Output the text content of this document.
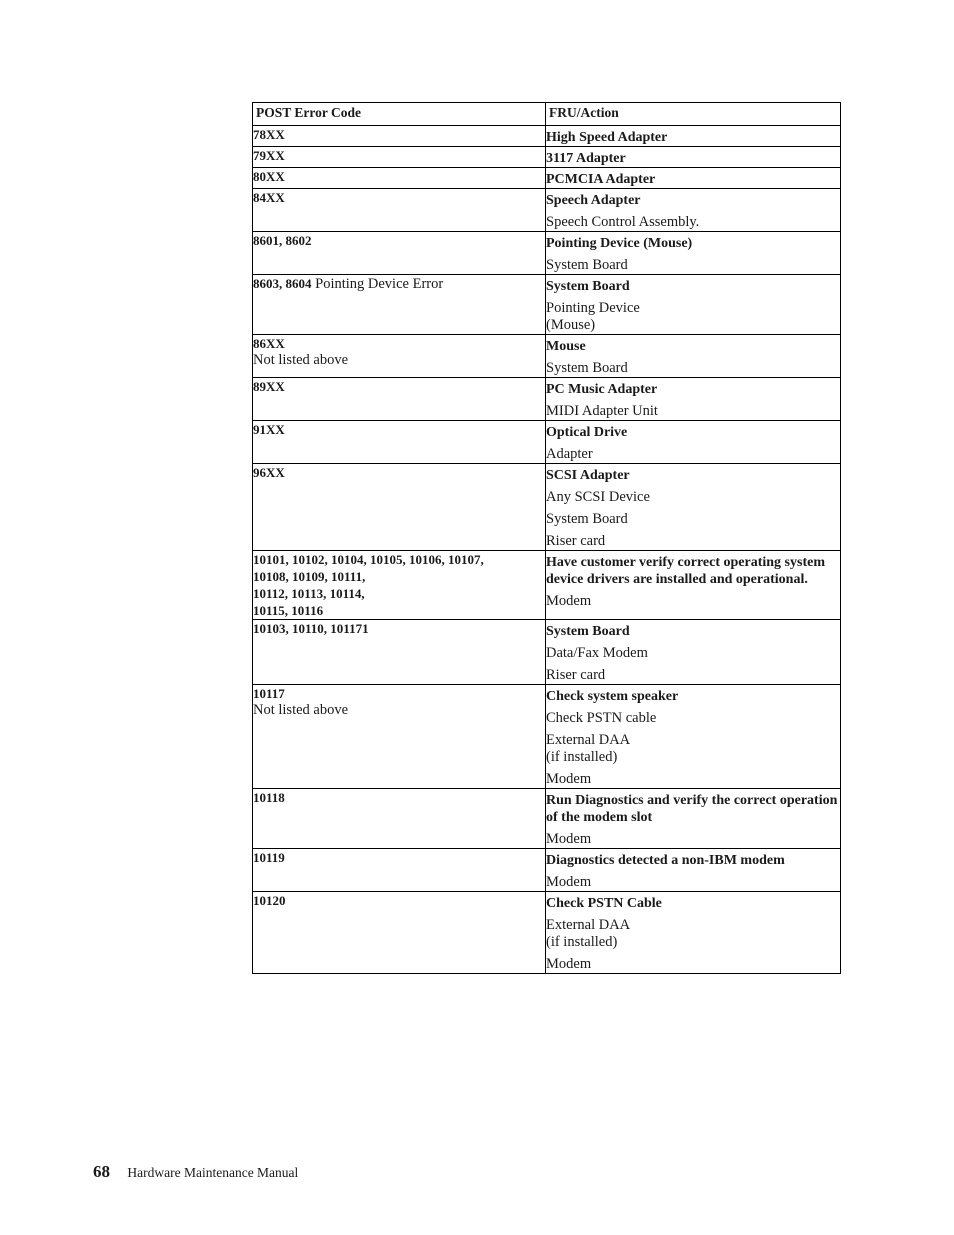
POST Error Code	FRU/Action
78XX	High Speed Adapter

79XX	3117 Adapter

80XX	PCMCIA Adapter

84XX	Speech Adapter
Speech Control Assembly.

8601, 8602	Pointing Device (Mouse)
System Board

8603, 8604 Pointing Device Error	System Board
Pointing Device
(Mouse)

86XX
Not listed above	Mouse
System Board

89XX	PC Music Adapter
MIDI Adapter Unit

91XX	Optical Drive
Adapter

96XX	SCSI Adapter
Any SCSI Device
System Board
Riser card

10101, 10102, 10104, 10105, 10106, 10107,
10108, 10109, 10111,
10112, 10113, 10114,
10115, 10116	Have customer verify correct operating system device drivers are installed and operational.
Modem

10103, 10110, 101171	System Board
Data/Fax Modem
Riser card

10117
Not listed above	Check system speaker
Check PSTN cable
External DAA
(if installed)
Modem

10118	Run Diagnostics and verify the correct operation of the modem slot
Modem

10119	Diagnostics detected a non-IBM modem
Modem

10120	Check PSTN Cable
External DAA
(if installed)
Modem
68 Hardware Maintenance Manual
